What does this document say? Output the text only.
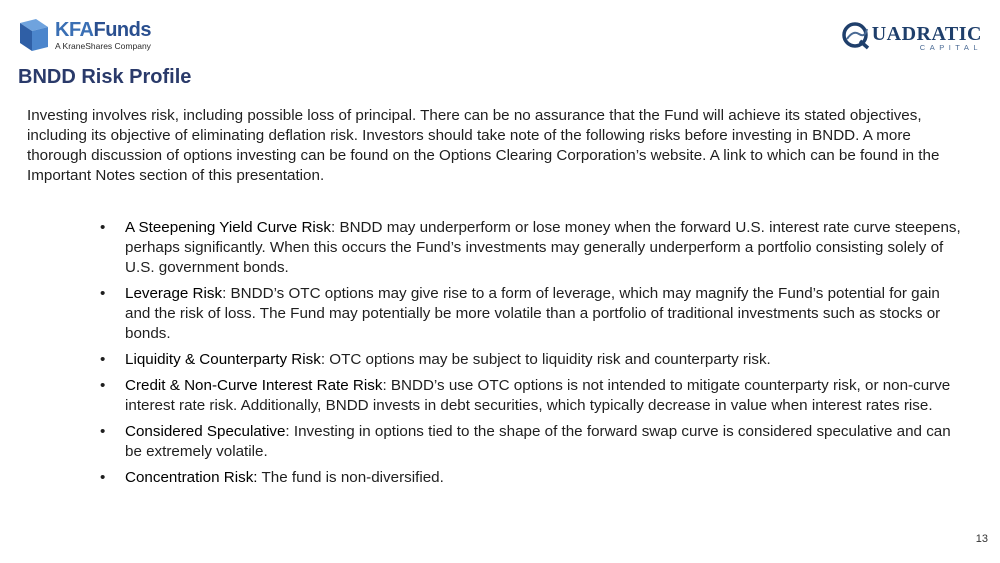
KFAFunds
A KraneShares Company
UADRATIC
CAPITAL
BNDD Risk Profile

Investing involves risk, including possible loss of principal. There can be no assurance that the Fund will achieve its stated objectives, including its objective of eliminating deflation risk. Investors should take note of the following risks before investing in BNDD. A more thorough discussion of options investing can be found on the Options Clearing Corporation’s website. A link to which can be found in the Important Notes section of this presentation.

• A Steepening Yield Curve Risk: BNDD may underperform or lose money when the forward U.S. interest rate curve steepens, perhaps significantly. When this occurs the Fund’s investments may generally underperform a portfolio consisting solely of U.S. government bonds.
• Leverage Risk: BNDD’s OTC options may give rise to a form of leverage, which may magnify the Fund’s potential for gain and the risk of loss. The Fund may potentially be more volatile than a portfolio of traditional investments such as stocks or bonds.
• Liquidity & Counterparty Risk: OTC options may be subject to liquidity risk and counterparty risk.
• Credit & Non-Curve Interest Rate Risk: BNDD’s use OTC options is not intended to mitigate counterparty risk, or non-curve interest rate risk. Additionally, BNDD invests in debt securities, which typically decrease in value when interest rates rise.
• Considered Speculative: Investing in options tied to the shape of the forward swap curve is considered speculative and can be extremely volatile.
• Concentration Risk: The fund is non-diversified.
13
